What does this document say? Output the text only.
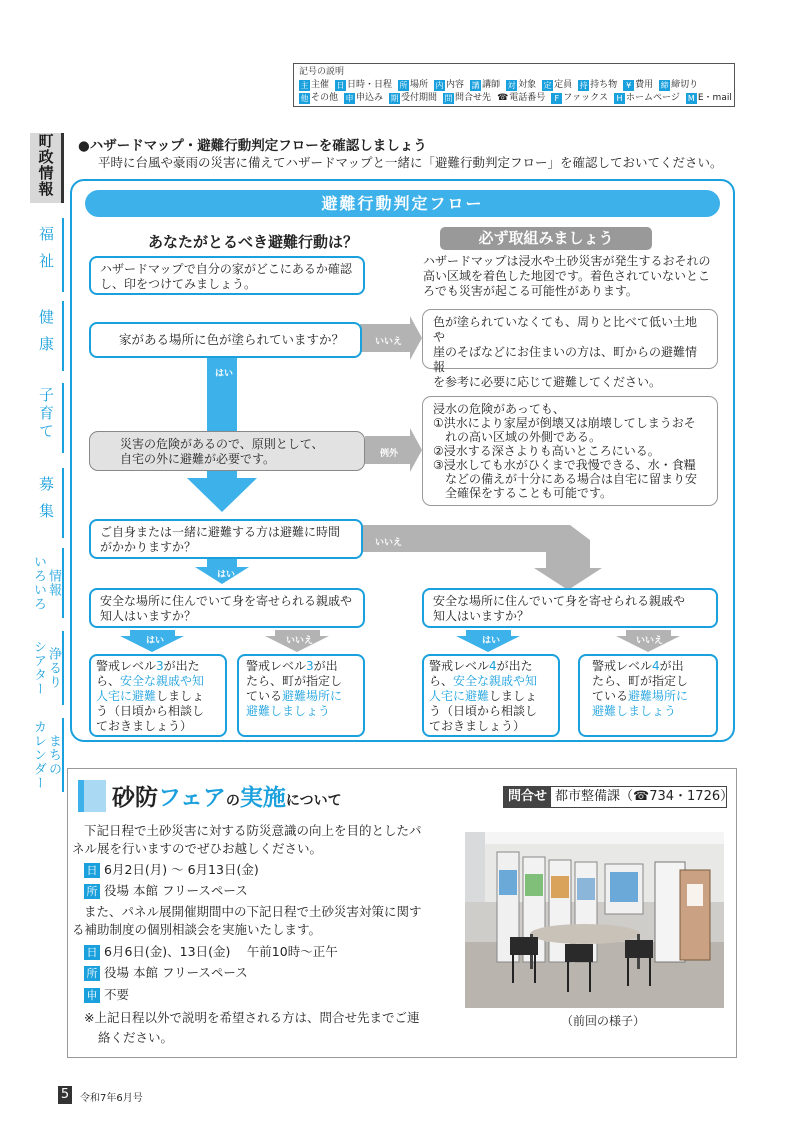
記号の説明
主 主催 日 日時・日程 所 場所 内 内容 講 講師 対 対象 定 定員 持 持ち物	¥ 費用 締 締切り
他 その他 申 申込み 期 受付期間 問 問合せ先 ☎ 電話番号	F ファックス	H ホームページ M E・mail
町政情報
福祉
健康
子育て
募集
情報
いろいろ
浄るり
シアター
まちの
カレンダー
●ハザードマップ・避難行動判定フローを確認しましょう
平時に台風や豪雨の災害に備えてハザードマップと一緒に「避難行動判定フロー」を確認しておいてください。
避難行動判定フロー
あなたがとるべき避難行動は？	必ず取組みましょう
いいえ
はい
例外
いいえ
はい
はい	いいえ	はい	いいえ
ハザードマップで自分の家がどこにあるか確認
し、印をつけてみましょう。
ハザードマップは浸水や土砂災害が発生するおそれの
高い区域を着色した地図です。着色されていないとこ
ろでも災害が起こる可能性があります。
家がある場所に色が塗られていますか？
色が塗られていなくても、周りと比べて低い土地や
崖のそばなどにお住まいの方は、町からの避難情報
を参考に必要に応じて避難してください。
災害の危険があるので、原則として、
自宅の外に避難が必要です。
浸水の危険があっても、
①洪水により家屋が倒壊又は崩壊してしまうおそ
　れの高い区域の外側である。
②浸水する深さよりも高いところにいる。
③浸水しても水がひくまで我慢できる、水・食糧
　などの備えが十分にある場合は自宅に留まり安
　全確保をすることも可能です。
ご自身または一緒に避難する方は避難に時間
がかかりますか？
安全な場所に住んでいて身を寄せられる親戚や
知人はいますか？
安全な場所に住んでいて身を寄せられる親戚や
知人はいますか？
警戒レベル3が出た
ら、安全な親戚や知
人宅に避難しましょ
う（日頃から相談し
ておきましょう）
警戒レベル3が出
たら、町が指定し
ている避難場所に
避難しましょう
警戒レベル4が出た
ら、安全な親戚や知
人宅に避難しましょ
う（日頃から相談し
ておきましょう）
警戒レベル4が出
たら、町が指定し
ている避難場所に
避難しましょう
砂防フェアの実施について	問合せ 都市整備課（☎734・1726）
下記日程で土砂災害に対する防災意識の向上を目的としたパ
ネル展を行いますのでぜひお越しください。
日 6月2日(月) ～ 6月13日(金)
所 役場 本館 フリースペース
また、パネル展開催期間中の下記日程で土砂災害対策に関す
る補助制度の個別相談会を実施いたします。
日 6月6日(金)、13日(金)　 午前10時～正午
所 役場 本館 フリースペース
申 不要
※上記日程以外で説明を希望される方は、問合せ先までご連
絡ください。
（前回の様子）
5 令和7年6月号
